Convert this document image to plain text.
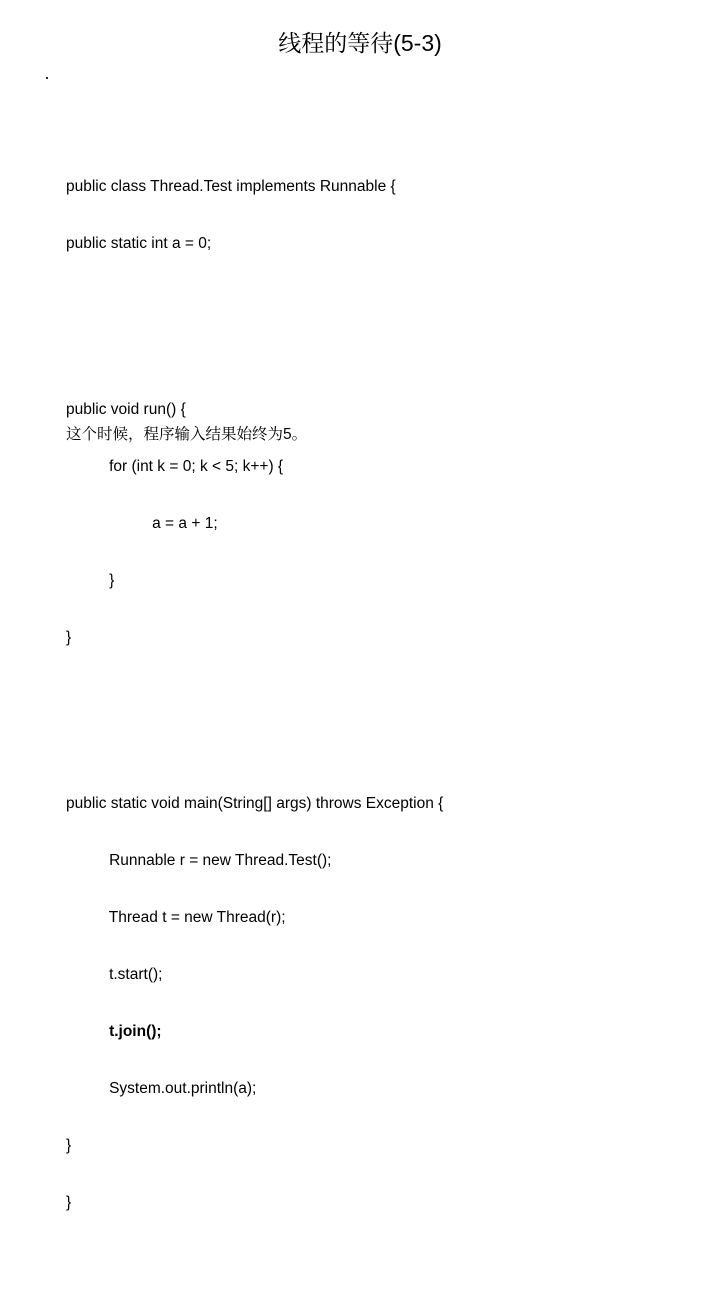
线程的等待(5-3)
·

public class Thread.Test implements Runnable {

public static int a = 0;

public void run() {

for (int k = 0; k < 5; k++) {

a = a + 1;

}

}

public static void main(String[] args) throws Exception {

Runnable r = new Thread.Test();

Thread t = new Thread(r);

t.start();

t.join();

System.out.println(a);

}

}

这个时候，程序输入结果始终为5。
